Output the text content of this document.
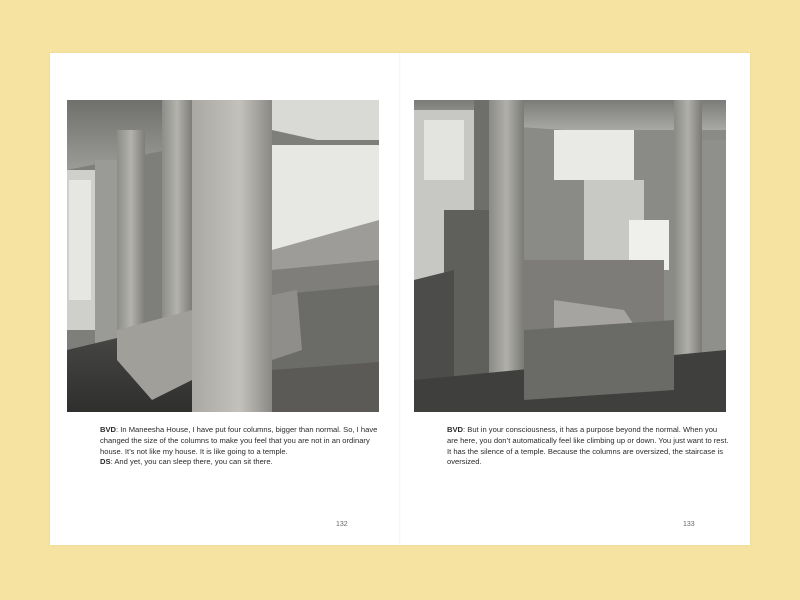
BVD: In Maneesha House, I have put four columns, bigger than normal. So, I have changed the size of the columns to make you feel that you are not in an ordinary house. It’s not like my house. It is like going to a temple.

DS: And yet, you can sleep there, you can sit there.

BVD: But in your consciousness, it has a purpose beyond the normal. When you are here, you don’t automatically feel like climbing up or down. You just want to rest. It has the silence of a temple. Because the columns are oversized, the staircase is oversized.

132	133
